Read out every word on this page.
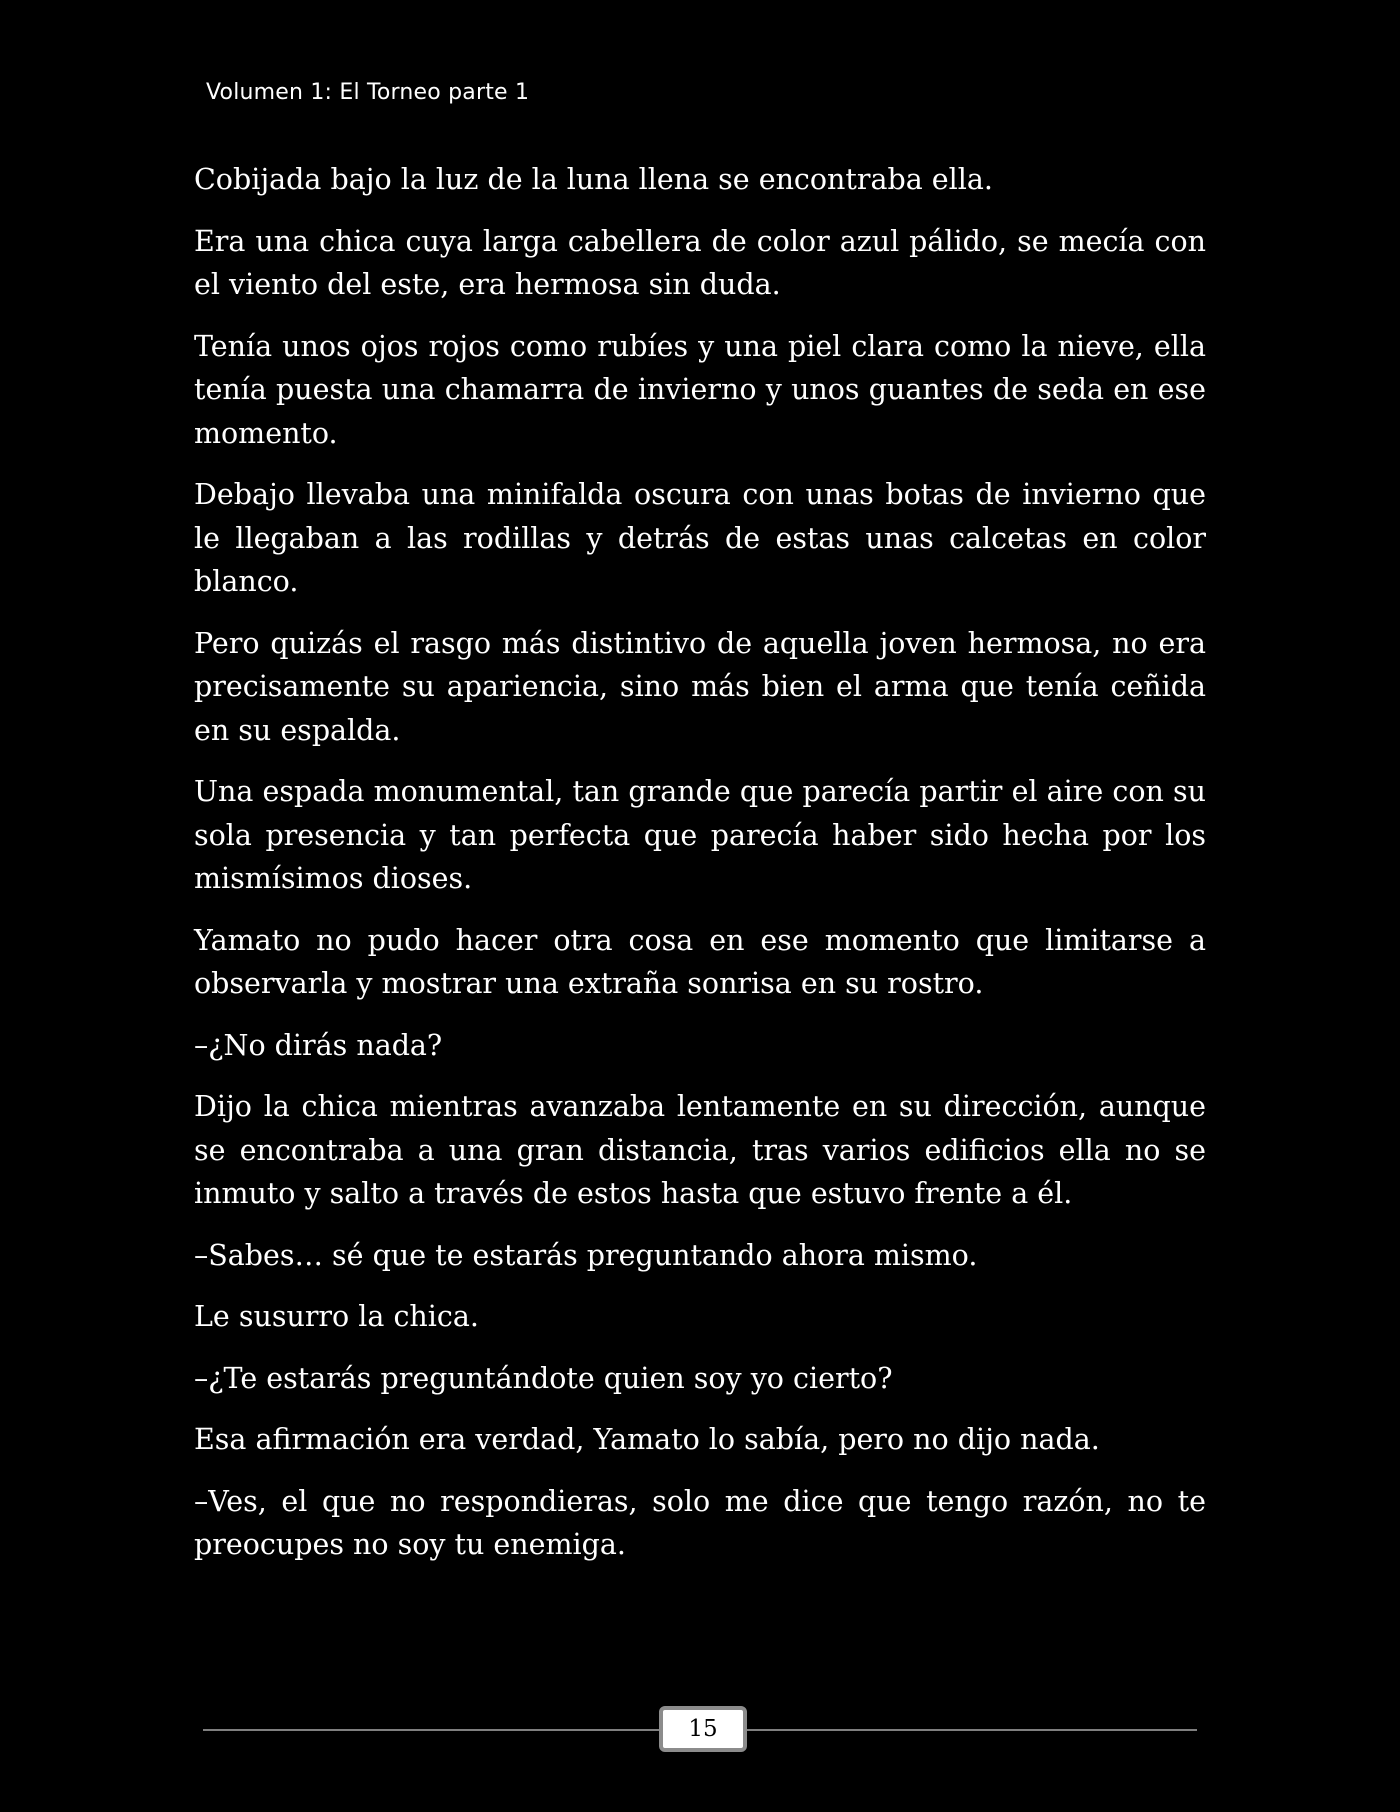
Volumen 1: El Torneo parte 1

Cobijada bajo la luz de la luna llena se encontraba ella.

Era una chica cuya larga cabellera de color azul pálido, se mecía con el viento del este, era hermosa sin duda.

Tenía unos ojos rojos como rubíes y una piel clara como la nieve, ella tenía puesta una chamarra de invierno y unos guantes de seda en ese momento.

Debajo llevaba una minifalda oscura con unas botas de invierno que le llegaban a las rodillas y detrás de estas unas calcetas en color blanco.

Pero quizás el rasgo más distintivo de aquella joven hermosa, no era precisamente su apariencia, sino más bien el arma que tenía ceñida en su espalda.

Una espada monumental, tan grande que parecía partir el aire con su sola presencia y tan perfecta que parecía haber sido hecha por los mismísimos dioses.

Yamato no pudo hacer otra cosa en ese momento que limitarse a observarla y mostrar una extraña sonrisa en su rostro.

–¿No dirás nada?

Dijo la chica mientras avanzaba lentamente en su dirección, aunque se encontraba a una gran distancia, tras varios edificios ella no se inmuto y salto a través de estos hasta que estuvo frente a él.

–Sabes… sé que te estarás preguntando ahora mismo.

Le susurro la chica.

–¿Te estarás preguntándote quien soy yo cierto?

Esa afirmación era verdad, Yamato lo sabía, pero no dijo nada.

–Ves, el que no respondieras, solo me dice que tengo razón, no te preocupes no soy tu enemiga.

15
